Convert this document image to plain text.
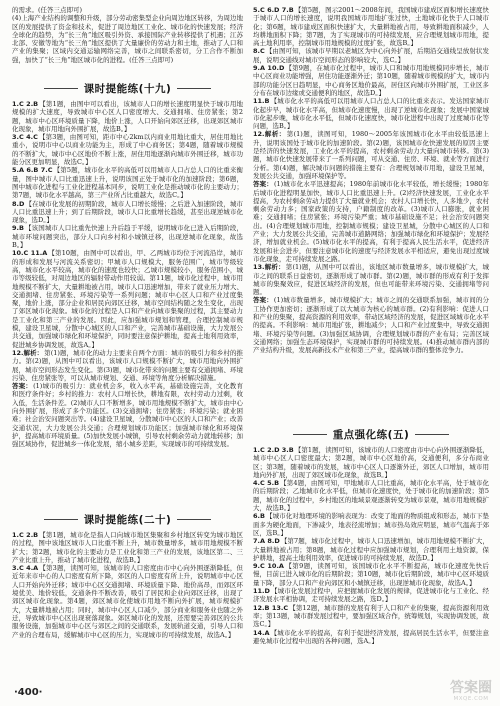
的需求。(任答三点即可)

(4)上海产业结构的调整和升级，部分劳动密集型企业向周边地区转移，为周边地区的发展提供了资金和技术，促进了周边地区工业化、城市化的快速发展；经济全球化的趋势，为“长三角”地区吸引外资、承接国际产业转移提供了机遇；江苏北部、安徽等地为“长三角”地区提供了大量廉价的劳动力和土地，推动了人口和产业的集聚；区域内交通运输网络完善，城市之间联系密切，分工合作不断加强，加快了“长三角”地区城市化的进程。(任答三点即可)

课时提能练(十九)

1.C 2.B【第1题，由图中可以看出，该城市人口的增长速度明显快于城市用地规模的扩大速度，导致城市中心区人口密度增大、交通拥堵、住房紧张；第2题，城市中心区环境质量下降，地价上涨，人口开始向郊区迁移，出现郊区城市化现象，城市用地向外围扩展，故选B。】

3.C 4.C【第3题，由图可知，距市中心2km以内商业用地比重大，居住用地比重小，说明市中心以商业功能为主，形成了中心商务区；第4题，随着城市规模的不断扩大，城市中心区地价不断上涨，居住用地逐渐向城市外围迁移，城市功能分区更加明显，故选C。】

5.A 6.B 7.C【第5题，城市化水平的高低可以用城市人口占总人口的比重来衡量，图中城市人口比重迅速上升，说明该国正处于城市化的加速阶段；第6题，图中城市化进程与工业化进程基本同步，说明工业化是推动城市化的主要动力；第7题，城市化水平越高，第三产业所占比重越大，故选C。】

8.D【在城市化发展的初期阶段，城市人口增长缓慢；之后进入加速阶段，城市人口比重迅速上升；到了后期阶段，城市人口比重增长趋缓，甚至出现逆城市化现象，选D。】

9.B【该国城市人口比重先快速上升后趋于平缓，说明城市化已进入后期阶段，城市环境问题突出，部分人口向乡村和小城镇迁移，出现逆城市化现象，故选B。】

10.C 11.A【第10题，由图中可以看出，甲、乙两城市均位于河流沿岸，城市的形成和发展与河流关系密切；甲城市人口规模大，服务范围广，城市等级较高，城市化水平较高，城市化的速度也较快；乙城市规模较小，服务范围小，城市等级较低，对周边地区的辐射带动作用较弱。第11题，城市化过程中，城市用地规模不断扩大，大量耕地被占用，城市人口迅速增加，带来了就业压力增大、交通拥堵、住房紧张、环境污染等一系列问题；城市中心区人口和产业过度集聚，地价上涨，部分企业和居民向郊区迁移，城市空间结构随之发生变化，出现了郊区城市化现象。城市化的过程是人口和产业向城市集聚的过程，其主要动力是工业化和第三产业的发展。因此，应加强城市规划和管理，合理控制城市规模，建设卫星城，分散中心城区的人口和产业，完善城市基础设施，大力发展公共交通，加强城市绿化和环境保护，同时要注意保护耕地，提高土地利用效率，促进城乡协调发展，故选A。】

12.解析：第(1)题，城市化的动力主要来自两个方面：城市的吸引力和乡村的推力。第(2)题，从图中可以看出，该城市人口规模不断扩大，城市用地向外围扩展，城市空间形态发生变化。第(3)题，城市化带来的问题主要有交通拥堵、环境污染、住房紧张等，可以从城市规划、交通、环境等角度分析解决措施。

答案：(1)城市的吸引力：就业机会多，收入水平高，基础设施完善，文化教育和医疗条件好；乡村的推力：农村人口增长快，耕地有限，农村劳动力过剩，收入低，生活条件差。(2)城市人口不断增多，城市用地规模不断扩大，城市由中心向外围扩展，形成了多个功能区。(3)交通拥堵；住房紧张；环境污染；就业困难；社会治安问题突出等。(4)建设卫星城，分散城市中心区的人口和产业；改善交通状况，大力发展公共交通；合理规划城市功能区；加强城市绿化和环境保护，提高城市环境质量。(5)加快发展小城镇，引导农村剩余劳动力就地转移；加强区域协作，促进城乡一体化发展，缩小城乡差距，实现城市的可持续发展。

课时提能练(二十)

1.C 2.B【第1题，城市化是指人口向城市地区集聚和乡村地区转变为城市地区的过程，图中该地区城市人口比重不断上升，城市数量增多，城市用地规模不断扩大；第2题，城市化的主要动力是工业化和第三产业的发展，该地区第二、三产业比重上升，推动了城市化进程，故选B。】

3.C 4.A【第3题，读图可知，该城市的人口密度由市中心向外围逐渐降低，但近年来市中心的人口密度有所下降，郊区的人口密度有所上升，说明城市中心区人口开始向外迁移；城市中心区交通拥堵、环境质量下降、地价高昂，而郊区环境优美、地价较低，交通条件不断改善，吸引了居民和企业向郊区迁移，出现了郊区城市化现象。第4题，郊区城市化使城市用地不断向外扩展，城市规模扩大，大量耕地被占用；同时，城市中心区人口减少，部分商业和服务业也随之外迁，导致城市中心区出现衰落现象。郊区城市化的发展，还需要完善郊区的公共服务设施，加强城市中心区与郊区之间的交通联系，发展轨道交通，引导人口和产业的合理布局，缓解城市中心区的压力，实现城市的可持续发展，故选A。】

·400·

5.C 6.D 7.B【第5题，图示2001～2008年间，我国城市建成区面积增长速度快于城市人口的增长速度，说明我国城市用地扩张过快，土地城市化快于人口城市化；第6题，城市建成区面积快速扩大，大量耕地被占用，导致耕地面积减少，人均耕地面积下降；第7题，为了实现城市的可持续发展，应合理规划城市用地，提高土地利用率，控制城市用地规模的过度扩张，故选B。】

8.C【由图可知，该城市早期以老城区为中心向外扩展，后期沿交通线呈放射状发展，说明交通线对城市空间形态的影响较大，选C。】

9.A 10.D【第9题，在城市化过程中，城市人口和城市用地规模同步增长，城市中心区商业功能增强，居住功能逐渐外迁；第10题，随着城市规模的扩大，城市内部的功能分区日趋明显，中心商务区地价最高，居住区向城市外围扩展，工业区多分布在城市边缘或交通便利的地区，故选D。】

11.B【城市化水平的高低可以用城市人口占总人口的比重来表示。发达国家城市化起步早，城市化水平高，但城市化速度慢，出现了逆城市化现象；发展中国家城市化起步晚，城市化水平低，但城市化速度快，城市化进程中出现了过度城市化等问题，选B。】

12.解析：第(1)题，读图可知，1980～2005年该国城市化水平由较低迅速上升，说明该国处于城市化的加速阶段。第(2)题，该国城市化快速发展的原因主要是经济的快速发展，工业化水平的提高，农村剩余劳动力大量向城市转移。第(3)题，城市化快速发展带来了一系列问题，可从交通、住房、环境、就业等方面进行分析。第(4)题，解决城市问题的措施主要有：合理规划城市用地，建设卫星城，发展公共交通，加强环境保护等。

答案：(1)城市化水平迅速提高；1980年前城市化水平较低，增长缓慢；1980年后城市化进程明显加快，城市人口比重迅速上升。(2)经济快速发展，工业化水平提高，为农村剩余劳动力提供了大量就业机会；农村人口增长快，人多地少，农村剩余劳动力多；国家政策的支持，户籍制度的改革。(3)城市人口膨胀，就业困难；交通拥堵；住房紧张；环境污染严重；城市基础设施不足；社会治安问题突出。(4)合理规划城市用地，控制城市规模；建设卫星城，分散中心城区的人口和产业；大力发展公共交通，完善城市道路网络；加强城市绿化和环境保护；发展经济，增加就业机会。(5)城市化水平的提高，有利于提高人民生活水平，促进经济发展和社会进步，但要注意城市化的速度与经济发展水平相适应，避免出现过度城市化现象，走可持续发展之路。

13.解析：第(1)题，从图中可以看出，该地区城市数量增多，城市规模扩大，城市之间的联系日益密切，逐渐形成了城市群。第(2)题，城市群的形成有利于发挥城市的集聚效应，促进区域经济的发展，但也可能带来环境污染、交通拥堵等问题。

答案：(1)城市数量增多，城市规模扩大；城市之间的交通联系加强，城市间的分工协作更加密切；逐渐形成了以大城市为核心的城市群。(2)有利影响：促进人口和产业的集聚，提高资源的利用效率，带动区域经济的发展，促进区域城市化水平的提高。不利影响：城市用地扩张，耕地减少；人口和产业过度集中，导致交通拥堵、环境污染等问题。(3)加强区域协调，合理规划城市群的产业布局；完善区域交通网络；加强生态环境保护，实现城市群的可持续发展。(4)推动城市群内部的产业结构升级，发展高新技术产业和第三产业，提高城市群的整体竞争力。

重点强化练(五)

1.C 2.D 3.B【第1题，读图可知，该城市的人口密度由市中心向外围逐渐降低，城市中心区人口密度最大；第2题，城市中心区地价高，交通便利，多分布商业区；第3题，随着城市的发展，城市中心区人口逐渐外迁，郊区人口增加，城市用地向外扩展，出现了郊区城市化现象，故选B。】

4.C 5.B【第4题，由图可知，甲地城市人口比重高，城市化水平高，处于城市化的后期阶段；乙地城市化水平低，但城市化速度快，处于城市化的加速阶段；第5题，城市化的过程中，乡村地区的地域景观逐渐转变为城市景观，城市用地规模扩大，故选B。】

6.B【城市化对地理环境的影响表现为：改变了地面的物质组成和形态，城市下垫面多为硬化地面，下渗减少，地表径流增加；城市热岛效应明显，城市气温高于郊区，选B。】

7.A 8.D【第7题，城市化过程中，城市人口迅速增加，城市用地规模不断扩大，大量耕地被占用；第8题，城市化过程中应加强城市规划，合理利用土地资源，保护耕地，提高土地利用效率，促进城市的可持续发展，故选D。】

9.C 10.A【第9题，读图可知，该国城市化水平不断提高，城市化速度先快后慢，目前已进入城市化的后期阶段；第10题，城市化后期阶段，城市中心区环境质量下降，部分人口和产业向郊区和小城镇迁移，出现逆城市化现象，故选A。】

11.D【城市化发展过程中，应把握城市化发展的规律，促进城市化与工业化、经济发展水平相协调，走可持续发展之路，选D。】

12.B 13.C【第12题，城市群的发展有利于人口和产业的集聚，提高资源利用效率；第13题，城市群发展过程中，要加强区域合作，统筹规划，实现协调发展，故选C。】

14.A【城市化水平的提高，有利于促进经济发展，提高居民生活水平，但要注意避免城市化过程中出现的各种问题，选A。】

答案圈
MXQE.COM
